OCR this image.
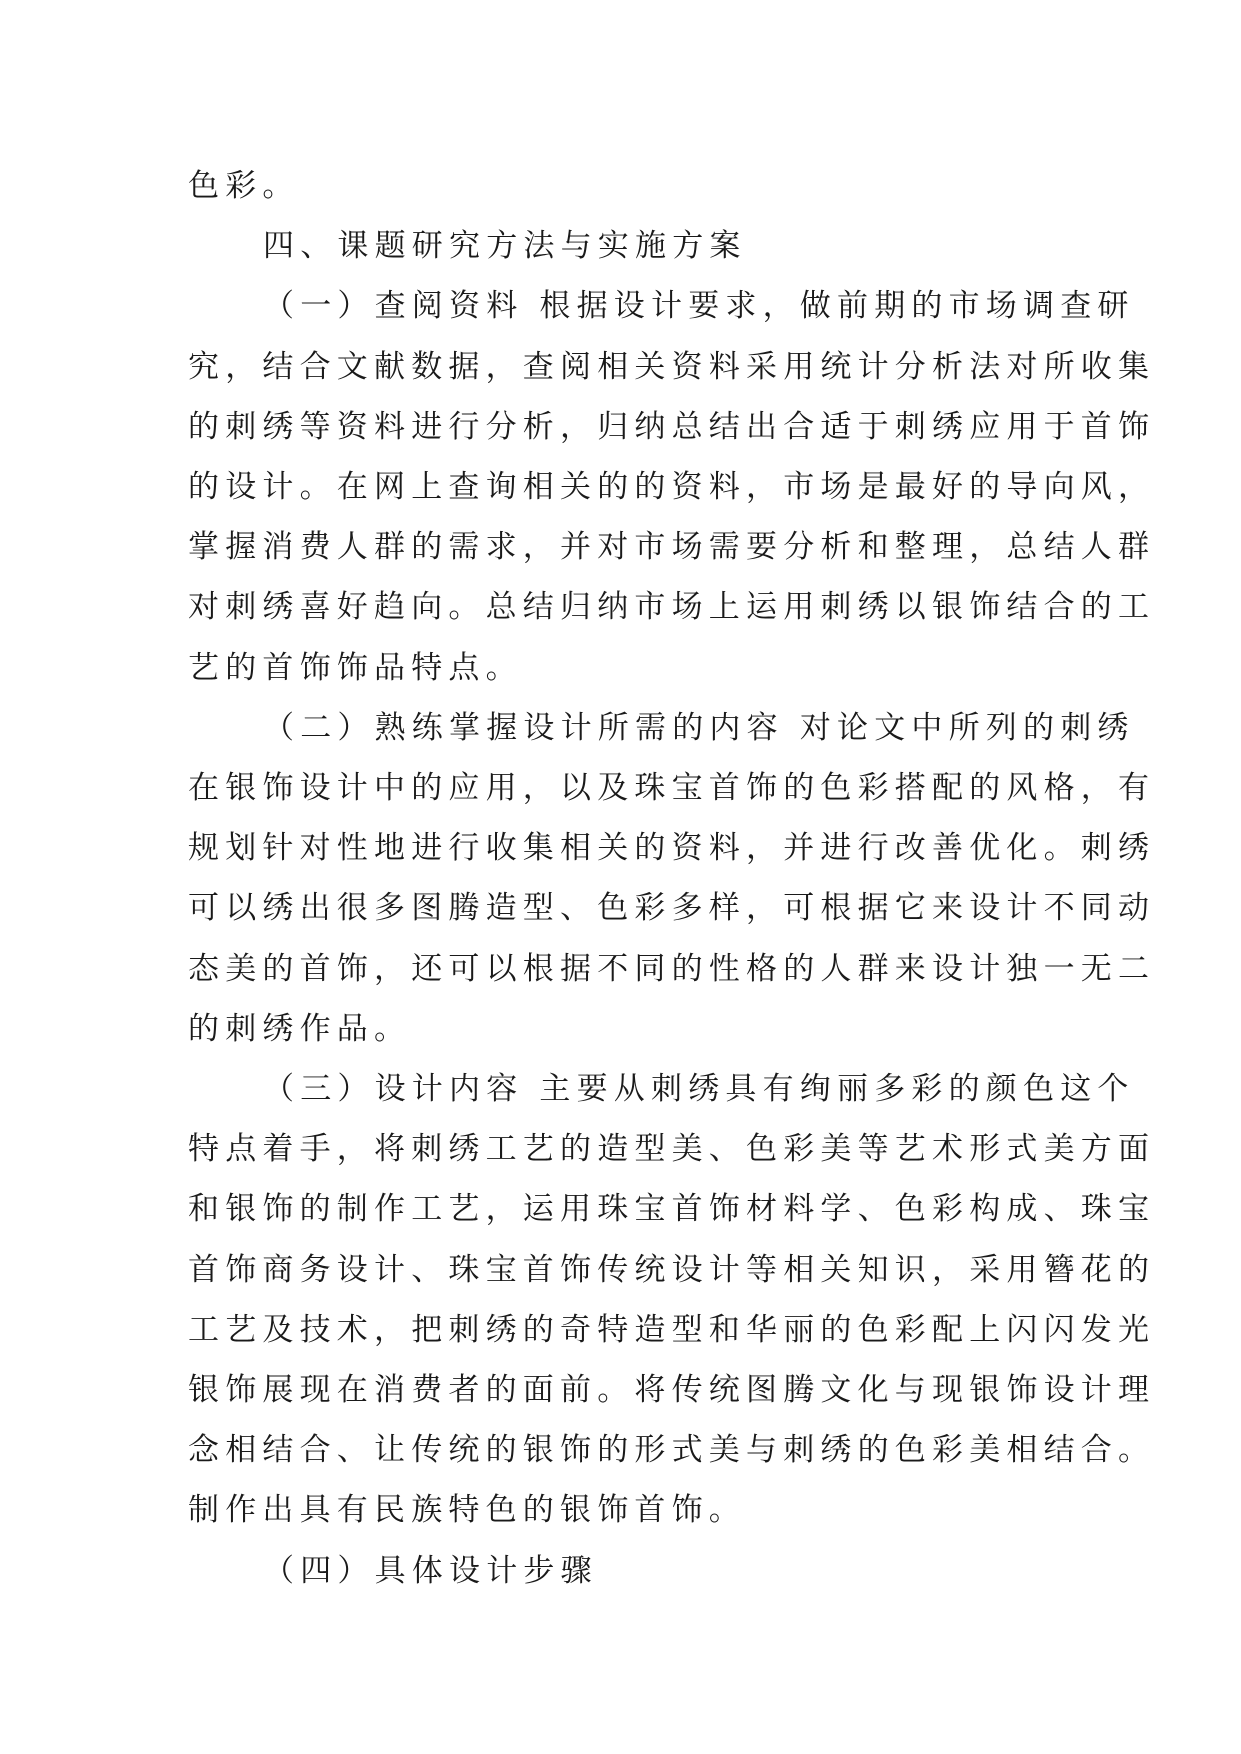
色彩。

四、课题研究方法与实施方案

（一）查阅资料 根据设计要求，做前期的市场调查研
究，结合文献数据，查阅相关资料采用统计分析法对所收集
的刺绣等资料进行分析，归纳总结出合适于刺绣应用于首饰
的设计。在网上查询相关的的资料，市场是最好的导向风，
掌握消费人群的需求，并对市场需要分析和整理，总结人群
对刺绣喜好趋向。总结归纳市场上运用刺绣以银饰结合的工
艺的首饰饰品特点。

（二）熟练掌握设计所需的内容 对论文中所列的刺绣
在银饰设计中的应用，以及珠宝首饰的色彩搭配的风格，有
规划针对性地进行收集相关的资料，并进行改善优化。刺绣
可以绣出很多图腾造型、色彩多样，可根据它来设计不同动
态美的首饰，还可以根据不同的性格的人群来设计独一无二
的刺绣作品。

（三）设计内容 主要从刺绣具有绚丽多彩的颜色这个
特点着手，将刺绣工艺的造型美、色彩美等艺术形式美方面
和银饰的制作工艺，运用珠宝首饰材料学、色彩构成、珠宝
首饰商务设计、珠宝首饰传统设计等相关知识，采用簪花的
工艺及技术，把刺绣的奇特造型和华丽的色彩配上闪闪发光
银饰展现在消费者的面前。将传统图腾文化与现银饰设计理
念相结合、让传统的银饰的形式美与刺绣的色彩美相结合。
制作出具有民族特色的银饰首饰。

（四）具体设计步骤
